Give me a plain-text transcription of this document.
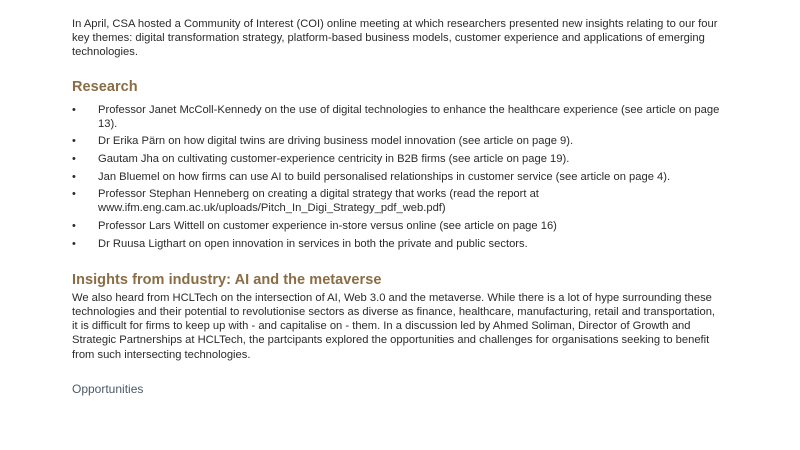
In April, CSA hosted a Community of Interest (COI) online meeting at which researchers presented new insights relating to our four key themes: digital transformation strategy, platform-based business models, customer experience and applications of emerging technologies.

Research
• Professor Janet McColl-Kennedy on the use of digital technologies to enhance the healthcare experience (see article on page 13).
• Dr Erika Pärn on how digital twins are driving business model innovation (see article on page 9).
• Gautam Jha on cultivating customer-experience centricity in B2B firms (see article on page 19).
• Jan Bluemel on how firms can use AI to build personalised relationships in customer service (see article on page 4).
• Professor Stephan Henneberg on creating a digital strategy that works (read the report at www.ifm.eng.cam.ac.uk/uploads/Pitch_In_Digi_Strategy_pdf_web.pdf)
• Professor Lars Wittell on customer experience in-store versus online (see article on page 16)
• Dr Ruusa Ligthart on open innovation in services in both the private and public sectors.
Insights from industry: AI and the metaverse

We also heard from HCLTech on the intersection of AI, Web 3.0 and the metaverse. While there is a lot of hype surrounding these technologies and their potential to revolutionise sectors as diverse as finance, healthcare, manufacturing, retail and transportation, it is difficult for firms to keep up with - and capitalise on - them. In a discussion led by Ahmed Soliman, Director of Growth and Strategic Partnerships at HCLTech, the partcipants explored the opportunities and challenges for organisations seeking to benefit from such intersecting technologies.

Opportunities
